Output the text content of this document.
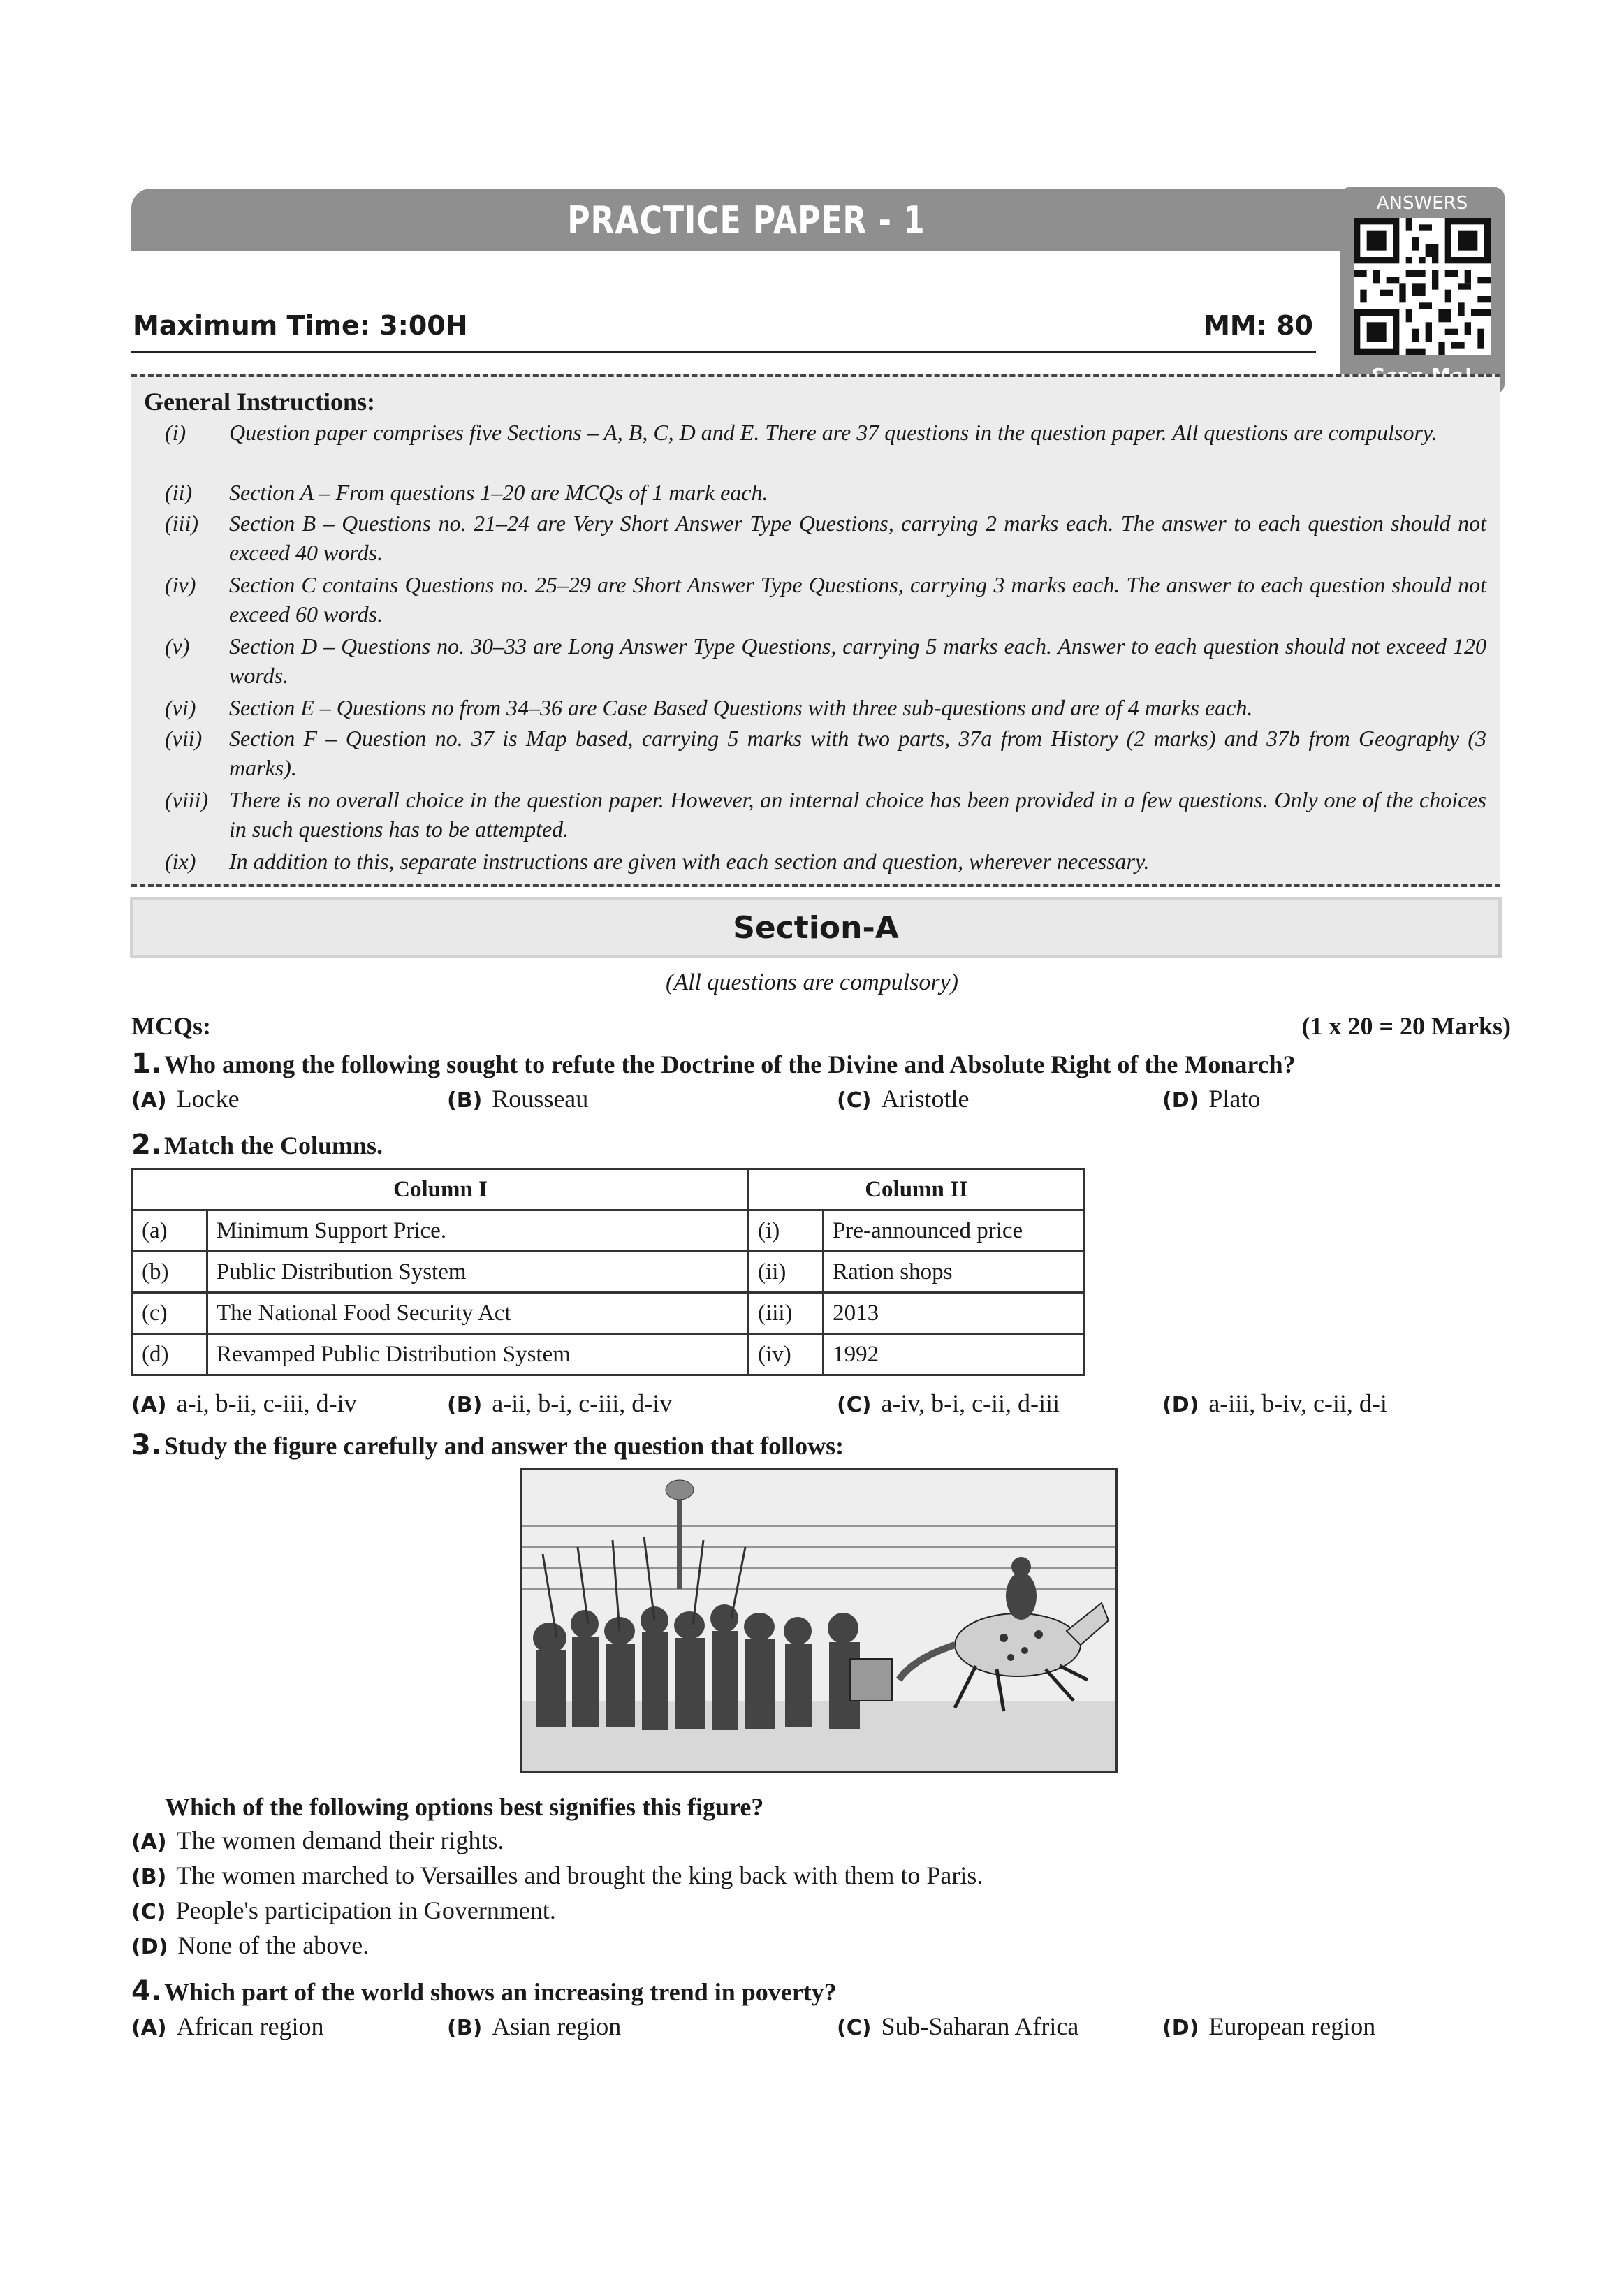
PRACTICE PAPER - 1	ANSWERS
Maximum Time: 3:00H	MM: 80
General Instructions:
(i) Question paper comprises five Sections – A, B, C, D and E. There are 37 questions in the question paper. All questions are compulsory.
(ii) Section A – From questions 1–20 are MCQs of 1 mark each.
(iii) Section B – Questions no. 21–24 are Very Short Answer Type Questions, carrying 2 marks each. The answer to each question should not exceed 40 words.
(iv) Section C contains Questions no. 25–29 are Short Answer Type Questions, carrying 3 marks each. The answer to each question should not exceed 60 words.
(v) Section D – Questions no. 30–33 are Long Answer Type Questions, carrying 5 marks each. Answer to each question should not exceed 120 words.
(vi) Section E – Questions no from 34–36 are Case Based Questions with three sub-questions and are of 4 marks each.
(vii) Section F – Question no. 37 is Map based, carrying 5 marks with two parts, 37a from History (2 marks) and 37b from Geography (3 marks).
(viii) There is no overall choice in the question paper. However, an internal choice has been provided in a few questions. Only one of the choices in such questions has to be attempted.
(ix) In addition to this, separate instructions are given with each section and question, wherever necessary.
Section-A
(All questions are compulsory)
MCQs:	(1 x 20 = 20 Marks)
1. Who among the following sought to refute the Doctrine of the Divine and Absolute Right of the Monarch?
(A) Locke	(B) Rousseau	(C) Aristotle	(D) Plato
2. Match the Columns.
Column I		Column II	
(a)	Minimum Support Price.	(i)	Pre-announced price
(b)	Public Distribution System	(ii)	Ration shops
(c)	The National Food Security Act	(iii)	2013
(d)	Revamped Public Distribution System	(iv)	1992
(A) a-i, b-ii, c-iii, d-iv	(B) a-ii, b-i, c-iii, d-iv	(C) a-iv, b-i, c-ii, d-iii	(D) a-iii, b-iv, c-ii, d-i
3. Study the figure carefully and answer the question that follows:
Which of the following options best signifies this figure?
(A) The women demand their rights.
(B) The women marched to Versailles and brought the king back with them to Paris.
(C) People's participation in Government.
(D) None of the above.
4. Which part of the world shows an increasing trend in poverty?
(A) African region	(B) Asian region	(C) Sub-Saharan Africa	(D) European region
